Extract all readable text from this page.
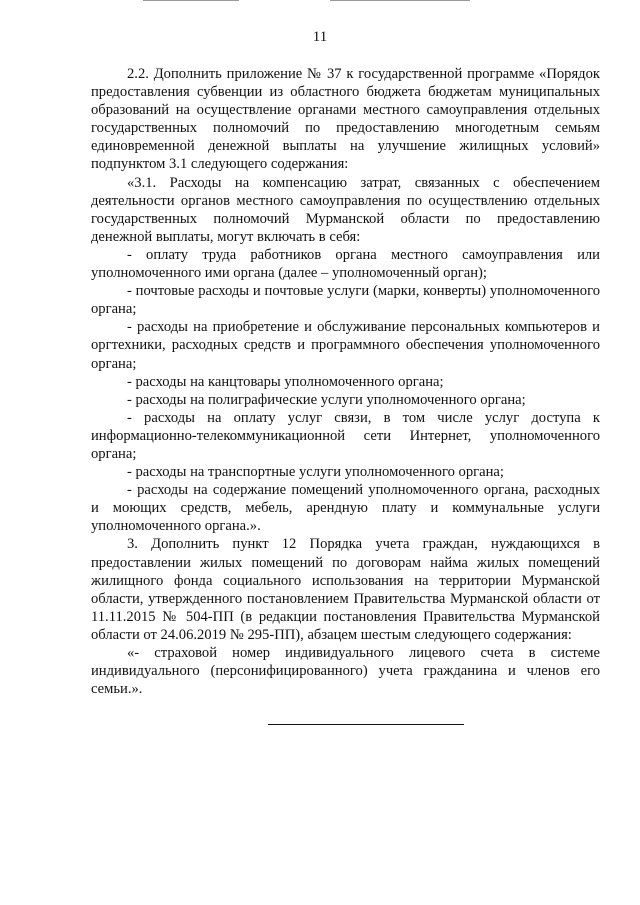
11

2.2. Дополнить приложение № 37 к государственной программе «Порядок предоставления субвенции из областного бюджета бюджетам муниципальных образований на осуществление органами местного самоуправления отдельных государственных полномочий по предоставлению многодетным семьям единовременной денежной выплаты на улучшение жилищных условий» подпунктом 3.1 следующего содержания:

«3.1. Расходы на компенсацию затрат, связанных с обеспечением деятельности органов местного самоуправления по осуществлению отдельных государственных полномочий Мурманской области по предоставлению денежной выплаты, могут включать в себя:

- оплату труда работников органа местного самоуправления или уполномоченного ими органа (далее – уполномоченный орган);

- почтовые расходы и почтовые услуги (марки, конверты) уполномоченного органа;

- расходы на приобретение и обслуживание персональных компьютеров и оргтехники, расходных средств и программного обеспечения уполномоченного органа;

- расходы на канцтовары уполномоченного органа;

- расходы на полиграфические услуги уполномоченного органа;

- расходы на оплату услуг связи, в том числе услуг доступа к информационно-телекоммуникационной сети Интернет, уполномоченного органа;

- расходы на транспортные услуги уполномоченного органа;

- расходы на содержание помещений уполномоченного органа, расходных и моющих средств, мебель, арендную плату и коммунальные услуги уполномоченного органа.».

3. Дополнить пункт 12 Порядка учета граждан, нуждающихся в предоставлении жилых помещений по договорам найма жилых помещений жилищного фонда социального использования на территории Мурманской области, утвержденного постановлением Правительства Мурманской области от 11.11.2015 № 504-ПП (в редакции постановления Правительства Мурманской области от 24.06.2019 № 295-ПП), абзацем шестым следующего содержания:

«- страховой номер индивидуального лицевого счета в системе индивидуального (персонифицированного) учета гражданина и членов его семьи.».
